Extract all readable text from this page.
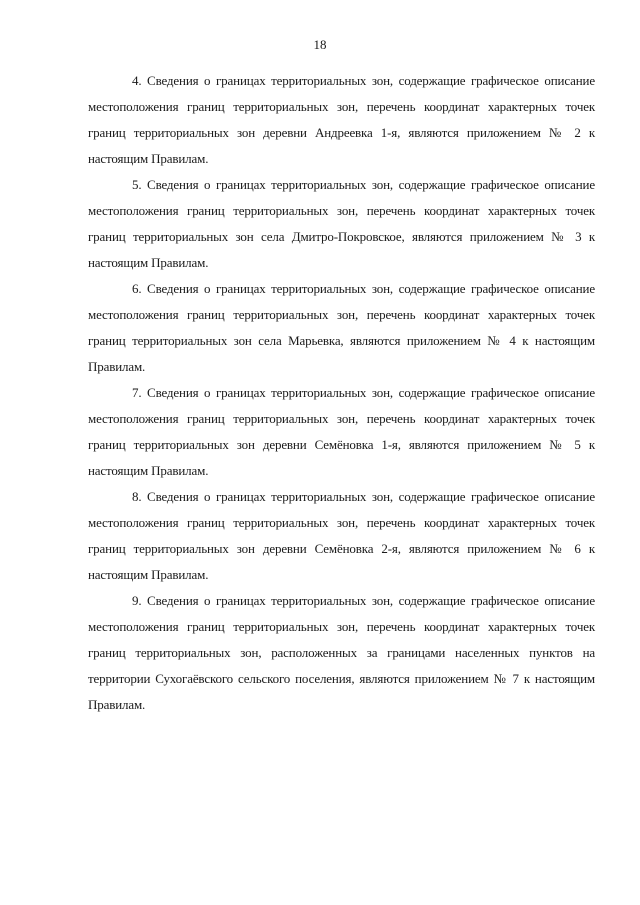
18

4. Сведения о границах территориальных зон, содержащие графическое описание местоположения границ территориальных зон, перечень координат характерных точек границ территориальных зон деревни Андреевка 1-я, являются приложением № 2 к настоящим Правилам.

5. Сведения о границах территориальных зон, содержащие графическое описание местоположения границ территориальных зон, перечень координат характерных точек границ территориальных зон села Дмитро-Покровское, являются приложением № 3 к настоящим Правилам.

6. Сведения о границах территориальных зон, содержащие графическое описание местоположения границ территориальных зон, перечень координат характерных точек границ территориальных зон села Марьевка, являются приложением № 4 к настоящим Правилам.

7. Сведения о границах территориальных зон, содержащие графическое описание местоположения границ территориальных зон, перечень координат характерных точек границ территориальных зон деревни Семёновка 1-я, являются приложением № 5 к настоящим Правилам.

8. Сведения о границах территориальных зон, содержащие графическое описание местоположения границ территориальных зон, перечень координат характерных точек границ территориальных зон деревни Семёновка 2-я, являются приложением № 6 к настоящим Правилам.

9. Сведения о границах территориальных зон, содержащие графическое описание местоположения границ территориальных зон, перечень координат характерных точек границ территориальных зон, расположенных за границами населенных пунктов на территории Сухогаёвского сельского поселения, являются приложением № 7 к настоящим Правилам.
